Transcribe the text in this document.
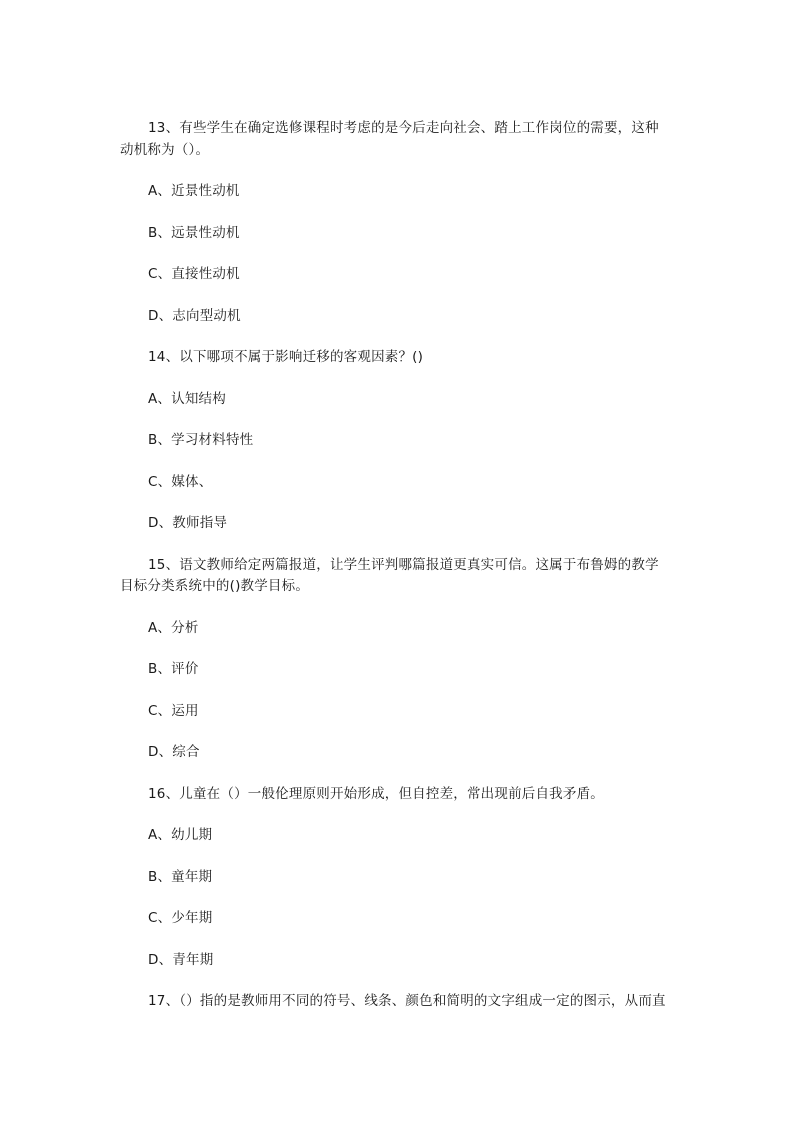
13、有些学生在确定选修课程时考虑的是今后走向社会、踏上工作岗位的需要，这种
动机称为（）。
A、近景性动机
B、远景性动机
C、直接性动机
D、志向型动机
14、以下哪项不属于影响迁移的客观因素？()
A、认知结构
B、学习材料特性
C、媒体、
D、教师指导
15、语文教师给定两篇报道，让学生评判哪篇报道更真实可信。这属于布鲁姆的教学
目标分类系统中的()教学目标。
A、分析
B、评价
C、运用
D、综合
16、儿童在（）一般伦理原则开始形成，但自控差，常出现前后自我矛盾。
A、幼儿期
B、童年期
C、少年期
D、青年期
17、（）指的是教师用不同的符号、线条、颜色和简明的文字组成一定的图示，从而直
